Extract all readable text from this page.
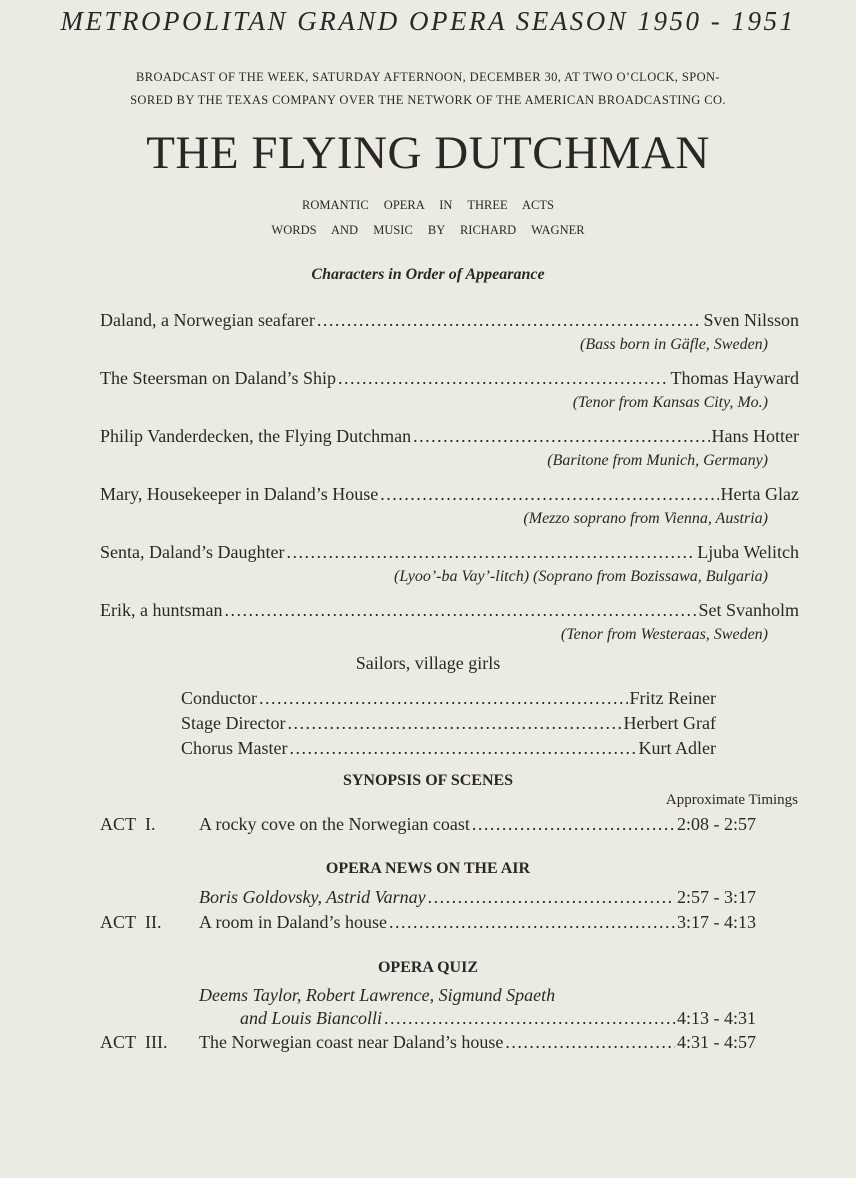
METROPOLITAN GRAND OPERA SEASON 1950 - 1951
BROADCAST OF THE WEEK, SATURDAY AFTERNOON, DECEMBER 30, AT TWO O’CLOCK, SPON-
SORED BY THE TEXAS COMPANY OVER THE NETWORK OF THE AMERICAN BROADCASTING CO.
THE FLYING DUTCHMAN
ROMANTIC OPERA IN THREE ACTS
WORDS AND MUSIC BY RICHARD WAGNER
Characters in Order of Appearance
Daland, a Norwegian seafarer . . .	Sven Nilsson
(Bass born in Gäfle, Sweden)
The Steersman on Daland’s Ship . . .	Thomas Hayward
(Tenor from Kansas City, Mo.)
Philip Vanderdecken, the Flying Dutchman . . .	Hans Hotter
(Baritone from Munich, Germany)
Mary, Housekeeper in Daland’s House . . .	Herta Glaz
(Mezzo soprano from Vienna, Austria)
Senta, Daland’s Daughter . . .	Ljuba Welitch
(Lyoo’-ba Vay’-litch) (Soprano from Bozissawa, Bulgaria)
Erik, a huntsman . . .	Set Svanholm
(Tenor from Westeraas, Sweden)
Sailors, village girls
Conductor . . .	Fritz Reiner
Stage Director . . .	Herbert Graf
Chorus Master . . .	Kurt Adler
SYNOPSIS OF SCENES
Approximate Timings
ACT I.	A rocky cove on the Norwegian coast . . .	2:08 - 2:57
OPERA NEWS ON THE AIR
Boris Goldovsky, Astrid Varnay . . .	2:57 - 3:17
ACT II.	A room in Daland’s house . . .	3:17 - 4:13
OPERA QUIZ
Deems Taylor, Robert Lawrence, Sigmund Spaeth
and Louis Biancolli . . .	4:13 - 4:31
ACT III.	The Norwegian coast near Daland’s house . . .	4:31 - 4:57
